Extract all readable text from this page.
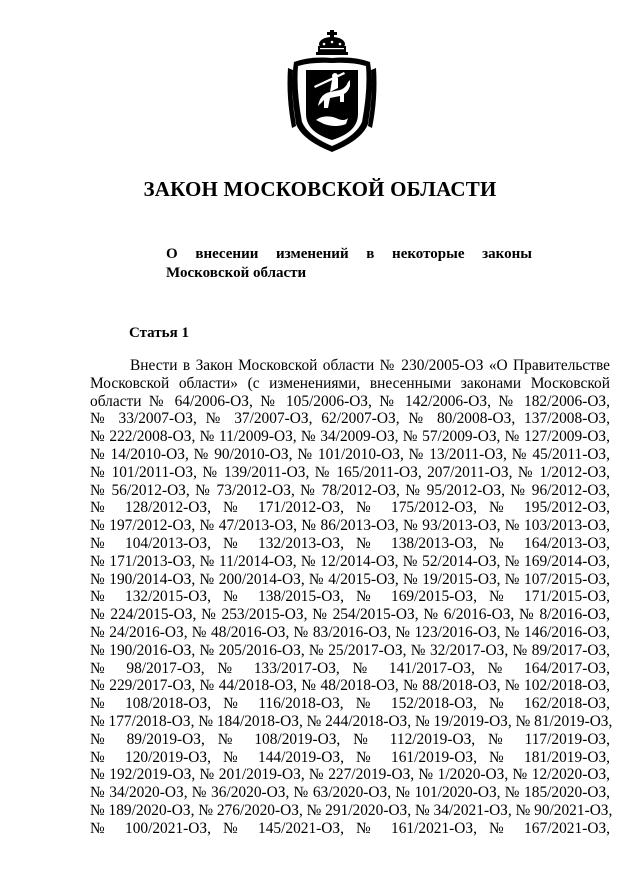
ЗАКОН МОСКОВСКОЙ ОБЛАСТИ
О внесении изменений в некоторые законы
Московской области
Статья 1
Внести в Закон Московской области № 230/2005-ОЗ «О Правительстве
Московской области» (с изменениями, внесенными законами Московской
области № 64/2006-ОЗ, № 105/2006-ОЗ, № 142/2006-ОЗ, № 182/2006-ОЗ,
№ 33/2007-ОЗ, № 37/2007-ОЗ, 62/2007-ОЗ, № 80/2008-ОЗ, 137/2008-ОЗ,
№ 222/2008-ОЗ, № 11/2009-ОЗ, № 34/2009-ОЗ, № 57/2009-ОЗ, № 127/2009-ОЗ,
№ 14/2010-ОЗ, № 90/2010-ОЗ, № 101/2010-ОЗ, № 13/2011-ОЗ, № 45/2011-ОЗ,
№ 101/2011-ОЗ, № 139/2011-ОЗ, № 165/2011-ОЗ, 207/2011-ОЗ, № 1/2012-ОЗ,
№ 56/2012-ОЗ, № 73/2012-ОЗ, № 78/2012-ОЗ, № 95/2012-ОЗ, № 96/2012-ОЗ,
№ 128/2012-ОЗ, № 171/2012-ОЗ, № 175/2012-ОЗ, № 195/2012-ОЗ,
№ 197/2012-ОЗ, № 47/2013-ОЗ, № 86/2013-ОЗ, № 93/2013-ОЗ, № 103/2013-ОЗ,
№ 104/2013-ОЗ, № 132/2013-ОЗ, № 138/2013-ОЗ, № 164/2013-ОЗ,
№ 171/2013-ОЗ, № 11/2014-ОЗ, № 12/2014-ОЗ, № 52/2014-ОЗ, № 169/2014-ОЗ,
№ 190/2014-ОЗ, № 200/2014-ОЗ, № 4/2015-ОЗ, № 19/2015-ОЗ, № 107/2015-ОЗ,
№ 132/2015-ОЗ, № 138/2015-ОЗ, № 169/2015-ОЗ, № 171/2015-ОЗ,
№ 224/2015-ОЗ, № 253/2015-ОЗ, № 254/2015-ОЗ, № 6/2016-ОЗ, № 8/2016-ОЗ,
№ 24/2016-ОЗ, № 48/2016-ОЗ, № 83/2016-ОЗ, № 123/2016-ОЗ, № 146/2016-ОЗ,
№ 190/2016-ОЗ, № 205/2016-ОЗ, № 25/2017-ОЗ, № 32/2017-ОЗ, № 89/2017-ОЗ,
№ 98/2017-ОЗ, № 133/2017-ОЗ, № 141/2017-ОЗ, № 164/2017-ОЗ,
№ 229/2017-ОЗ, № 44/2018-ОЗ, № 48/2018-ОЗ, № 88/2018-ОЗ, № 102/2018-ОЗ,
№ 108/2018-ОЗ, № 116/2018-ОЗ, № 152/2018-ОЗ, № 162/2018-ОЗ,
№ 177/2018-ОЗ, № 184/2018-ОЗ, № 244/2018-ОЗ, № 19/2019-ОЗ, № 81/2019-ОЗ,
№ 89/2019-ОЗ, № 108/2019-ОЗ, № 112/2019-ОЗ, № 117/2019-ОЗ,
№ 120/2019-ОЗ, № 144/2019-ОЗ, № 161/2019-ОЗ, № 181/2019-ОЗ,
№ 192/2019-ОЗ, № 201/2019-ОЗ, № 227/2019-ОЗ, № 1/2020-ОЗ, № 12/2020-ОЗ,
№ 34/2020-ОЗ, № 36/2020-ОЗ, № 63/2020-ОЗ, № 101/2020-ОЗ, № 185/2020-ОЗ,
№ 189/2020-ОЗ, № 276/2020-ОЗ, № 291/2020-ОЗ, № 34/2021-ОЗ, № 90/2021-ОЗ,
№ 100/2021-ОЗ, № 145/2021-ОЗ, № 161/2021-ОЗ, № 167/2021-ОЗ,
